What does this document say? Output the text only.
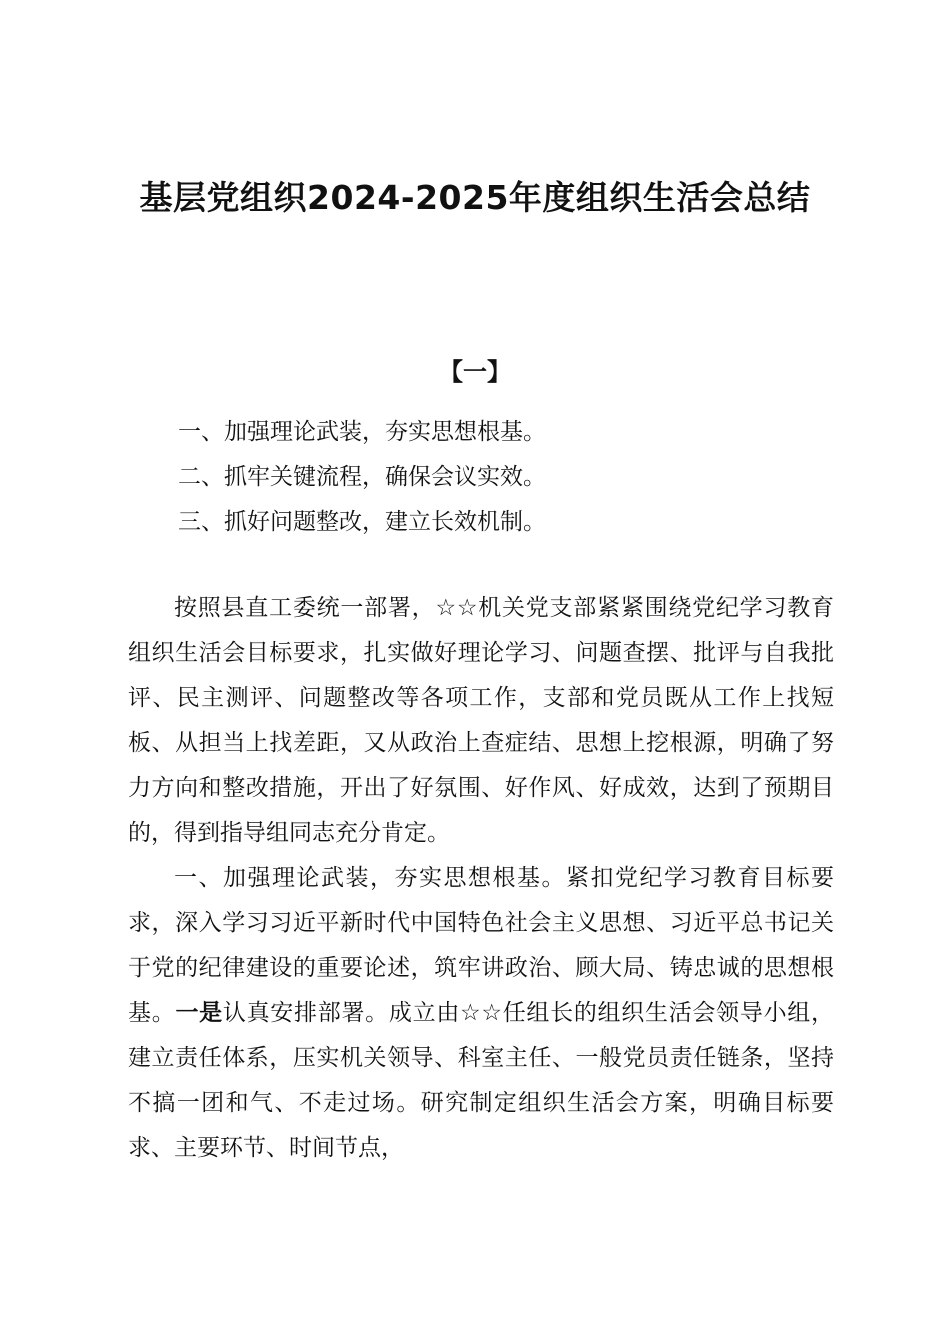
基层党组织2024-2025年度组织生活会总结
【一】
一、加强理论武装，夯实思想根基。
二、抓牢关键流程，确保会议实效。
三、抓好问题整改，建立长效机制。

按照县直工委统一部署，☆☆机关党支部紧紧围绕党纪学习教育组织生活会目标要求，扎实做好理论学习、问题查摆、批评与自我批评、民主测评、问题整改等各项工作，支部和党员既从工作上找短板、从担当上找差距，又从政治上查症结、思想上挖根源，明确了努力方向和整改措施，开出了好氛围、好作风、好成效，达到了预期目的，得到指导组同志充分肯定。

一、加强理论武装，夯实思想根基。紧扣党纪学习教育目标要求，深入学习习近平新时代中国特色社会主义思想、习近平总书记关于党的纪律建设的重要论述，筑牢讲政治、顾大局、铸忠诚的思想根基。一是认真安排部署。成立由☆☆任组长的组织生活会领导小组，建立责任体系，压实机关领导、科室主任、一般党员责任链条，坚持不搞一团和气、不走过场。研究制定组织生活会方案，明确目标要求、主要环节、时间节点，
